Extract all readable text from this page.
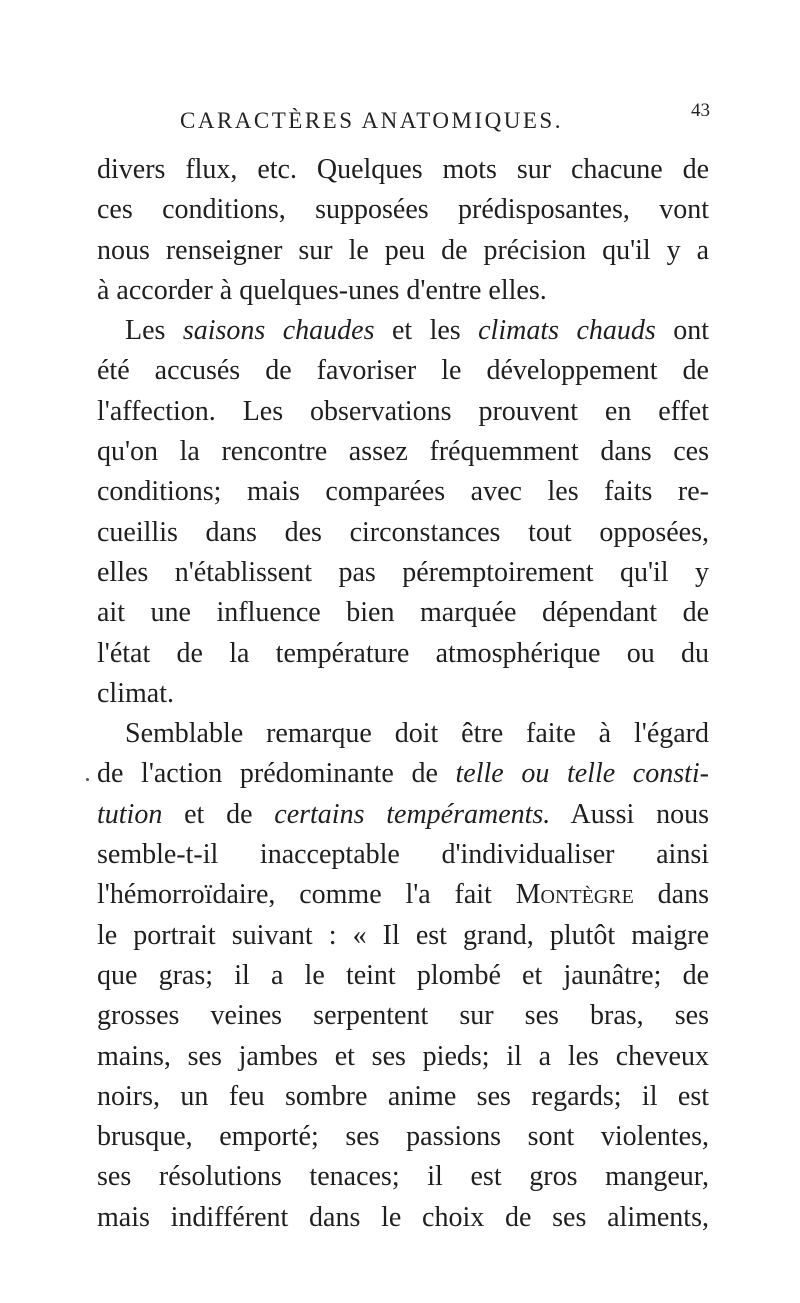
CARACTÈRES ANATOMIQUES.	43
divers flux, etc. Quelques mots sur chacune de
ces conditions, supposées prédisposantes, vont
nous renseigner sur le peu de précision qu'il y a
à accorder à quelques-unes d'entre elles.
Les saisons chaudes et les climats chauds ont
été accusés de favoriser le développement de
l'affection. Les observations prouvent en effet
qu'on la rencontre assez fréquemment dans ces
conditions; mais comparées avec les faits re-
cueillis dans des circonstances tout opposées,
elles n'établissent pas péremptoirement qu'il y
ait une influence bien marquée dépendant de
l'état de la température atmosphérique ou du
climat.
Semblable remarque doit être faite à l'égard
de l'action prédominante de telle ou telle consti-
tution et de certains tempéraments. Aussi nous
semble-t-il inacceptable d'individualiser ainsi
l'hémorroïdaire, comme l'a fait Montègre dans
le portrait suivant : « Il est grand, plutôt maigre
que gras; il a le teint plombé et jaunâtre; de
grosses veines serpentent sur ses bras, ses
mains, ses jambes et ses pieds; il a les cheveux
noirs, un feu sombre anime ses regards; il est
brusque, emporté; ses passions sont violentes,
ses résolutions tenaces; il est gros mangeur,
mais indifférent dans le choix de ses aliments,
